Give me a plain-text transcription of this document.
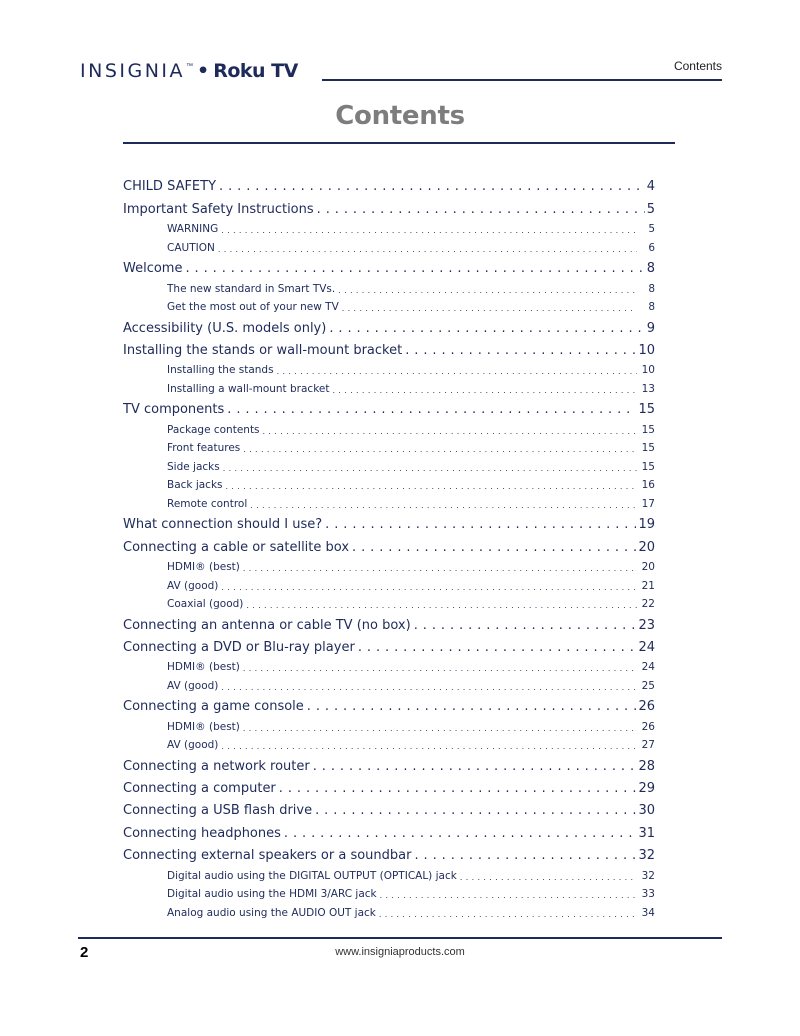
INSIGNIA ™ • Roku TV	Contents
Contents
CHILD SAFETY . . .	4
Important Safety Instructions . . .	5
WARNING . . .	5
CAUTION . . .	6
Welcome . . .	8
The new standard in Smart TVs. . . .	8
Get the most out of your new TV . . .	8
Accessibility (U.S. models only) . . .	9
Installing the stands or wall-mount bracket . . .	10
Installing the stands . . .	10
Installing a wall-mount bracket . . .	13
TV components . . .	15
Package contents . . .	15
Front features . . .	15
Side jacks . . .	15
Back jacks . . .	16
Remote control . . .	17
What connection should I use? . . .	19
Connecting a cable or satellite box . . .	20
HDMI® (best) . . .	20
AV (good) . . .	21
Coaxial (good) . . .	22
Connecting an antenna or cable TV (no box) . . .	23
Connecting a DVD or Blu-ray player . . .	24
HDMI® (best) . . .	24
AV (good) . . .	25
Connecting a game console . . .	26
HDMI® (best) . . .	26
AV (good) . . .	27
Connecting a network router . . .	28
Connecting a computer . . .	29
Connecting a USB flash drive . . .	30
Connecting headphones . . .	31
Connecting external speakers or a soundbar . . .	32
Digital audio using the DIGITAL OUTPUT (OPTICAL) jack . . .	32
Digital audio using the HDMI 3/ARC jack . . .	33
Analog audio using the AUDIO OUT jack . . .	34
2	www.insigniaproducts.com
